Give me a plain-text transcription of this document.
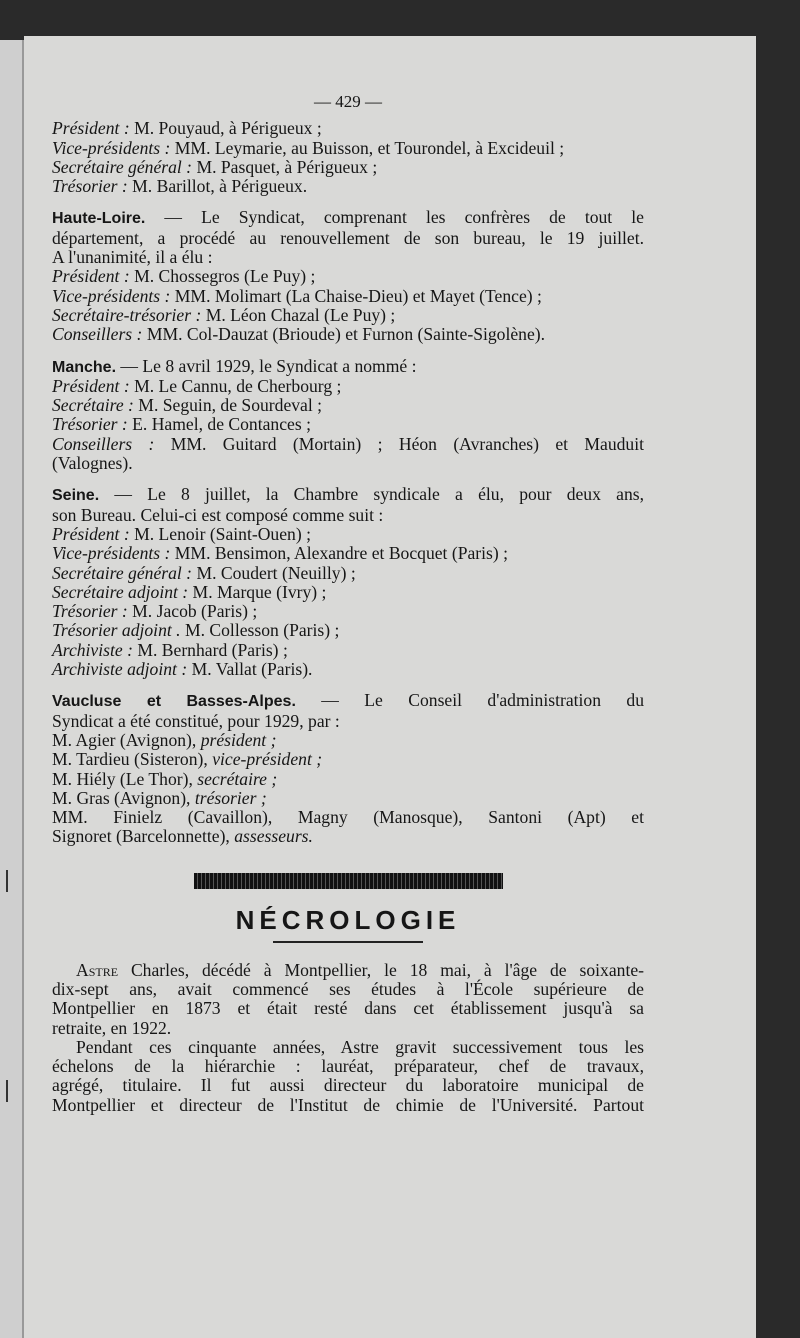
— 429 —
Président : M. Pouyaud, à Périgueux ;
Vice-présidents : MM. Leymarie, au Buisson, et Tourondel, à Excideuil ;
Secrétaire général : M. Pasquet, à Périgueux ;
Trésorier : M. Barillot, à Périgueux.
Haute-Loire. — Le Syndicat, comprenant les confrères de tout le
département, a procédé au renouvellement de son bureau, le 19 juillet.
A l'unanimité, il a élu :
Président : M. Chossegros (Le Puy) ;
Vice-présidents : MM. Molimart (La Chaise-Dieu) et Mayet (Tence) ;
Secrétaire-trésorier : M. Léon Chazal (Le Puy) ;
Conseillers : MM. Col-Dauzat (Brioude) et Furnon (Sainte-Sigolène).
Manche. — Le 8 avril 1929, le Syndicat a nommé :
Président : M. Le Cannu, de Cherbourg ;
Secrétaire : M. Seguin, de Sourdeval ;
Trésorier : E. Hamel, de Contances ;
Conseillers : MM. Guitard (Mortain) ; Héon (Avranches) et Mauduit
(Valognes).
Seine. — Le 8 juillet, la Chambre syndicale a élu, pour deux ans,
son Bureau. Celui-ci est composé comme suit :
Président : M. Lenoir (Saint-Ouen) ;
Vice-présidents : MM. Bensimon, Alexandre et Bocquet (Paris) ;
Secrétaire général : M. Coudert (Neuilly) ;
Secrétaire adjoint : M. Marque (Ivry) ;
Trésorier : M. Jacob (Paris) ;
Trésorier adjoint . M. Collesson (Paris) ;
Archiviste : M. Bernhard (Paris) ;
Archiviste adjoint : M. Vallat (Paris).
Vaucluse et Basses-Alpes. — Le Conseil d'administration du
Syndicat a été constitué, pour 1929, par :
M. Agier (Avignon), président ;
M. Tardieu (Sisteron), vice-président ;
M. Hiély (Le Thor), secrétaire ;
M. Gras (Avignon), trésorier ;
MM. Finielz (Cavaillon), Magny (Manosque), Santoni (Apt) et
Signoret (Barcelonnette), assesseurs.
NÉCROLOGIE
Astre Charles, décédé à Montpellier, le 18 mai, à l'âge de soixante-
dix-sept ans, avait commencé ses études à l'École supérieure de
Montpellier en 1873 et était resté dans cet établissement jusqu'à sa
retraite, en 1922.
Pendant ces cinquante années, Astre gravit successivement tous les
échelons de la hiérarchie : lauréat, préparateur, chef de travaux,
agrégé, titulaire. Il fut aussi directeur du laboratoire municipal de
Montpellier et directeur de l'Institut de chimie de l'Université. Partout
